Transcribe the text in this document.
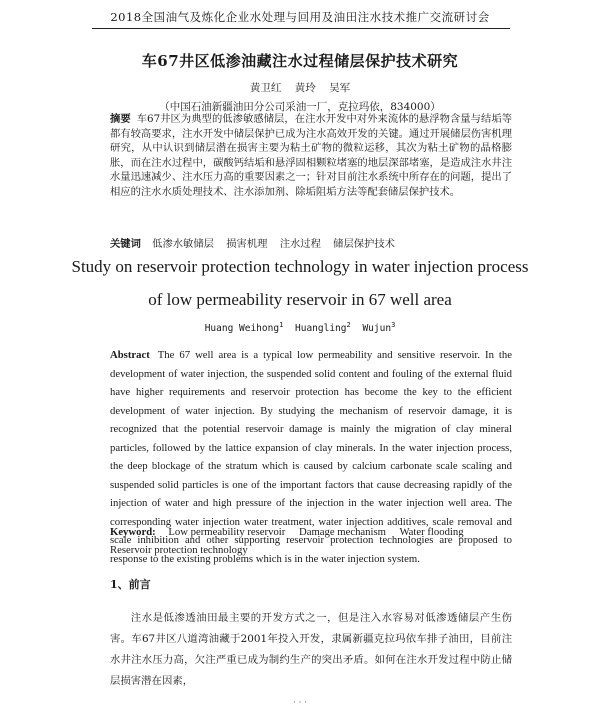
2018全国油气及炼化企业水处理与回用及油田注水技术推广交流研讨会
车67井区低渗油藏注水过程储层保护技术研究
黄卫红 黄玲 吴军
（中国石油新疆油田分公司采油一厂，克拉玛依，834000）

摘要 车67井区为典型的低渗敏感储层，在注水开发中对外来流体的悬浮物含量与结垢等都有较高要求，注水开发中储层保护已成为注水高效开发的关键。通过开展储层伤害机理研究，从中认识到储层潜在损害主要为粘土矿物的微粒运移，其次为粘土矿物的晶格膨胀，而在注水过程中，碳酸钙结垢和悬浮固相颗粒堵塞的地层深部堵塞，是造成注水井注水量迅速减少、注水压力高的重要因素之一；针对目前注水系统中所存在的问题，提出了相应的注水水质处理技术、注水添加剂、除垢阻垢方法等配套储层保护技术。

关键词 低渗水敏储层 损害机理 注水过程 储层保护技术
Study on reservoir protection technology in water injection process
of low permeability reservoir in 67 well area
Huang Weihong$^1$ Huangling$^2$ Wujun$^3$

Abstract The 67 well area is a typical low permeability and sensitive reservoir. In the development of water injection, the suspended solid content and fouling of the external fluid have higher requirements and reservoir protection has become the key to the efficient development of water injection. By studying the mechanism of reservoir damage, it is recognized that the potential reservoir damage is mainly the migration of clay mineral particles, followed by the lattice expansion of clay minerals. In the water injection process, the deep blockage of the stratum which is caused by calcium carbonate scale scaling and suspended solid particles is one of the important factors that cause decreasing rapidly of the injection of water and high pressure of the injection in the water injection well area. The corresponding water injection water treatment, water injection additives, scale removal and scale inhibition and other supporting reservoir protection technologies are proposed to response to the existing problems which is in the water injection system.

Keyword: Low permeability reservoir Damage mechanism Water flooding Reservoir protection technology
1、前言

注水是低渗透油田最主要的开发方式之一，但是注入水容易对低渗透储层产生伤害。车67井区八道湾油藏于2001年投入开发，隶属新疆克拉玛依车排子油田，目前注水井注水压力高，欠注严重已成为制约生产的突出矛盾。如何在注水开发过程中防止储层损害潜在因素，

· · ·
